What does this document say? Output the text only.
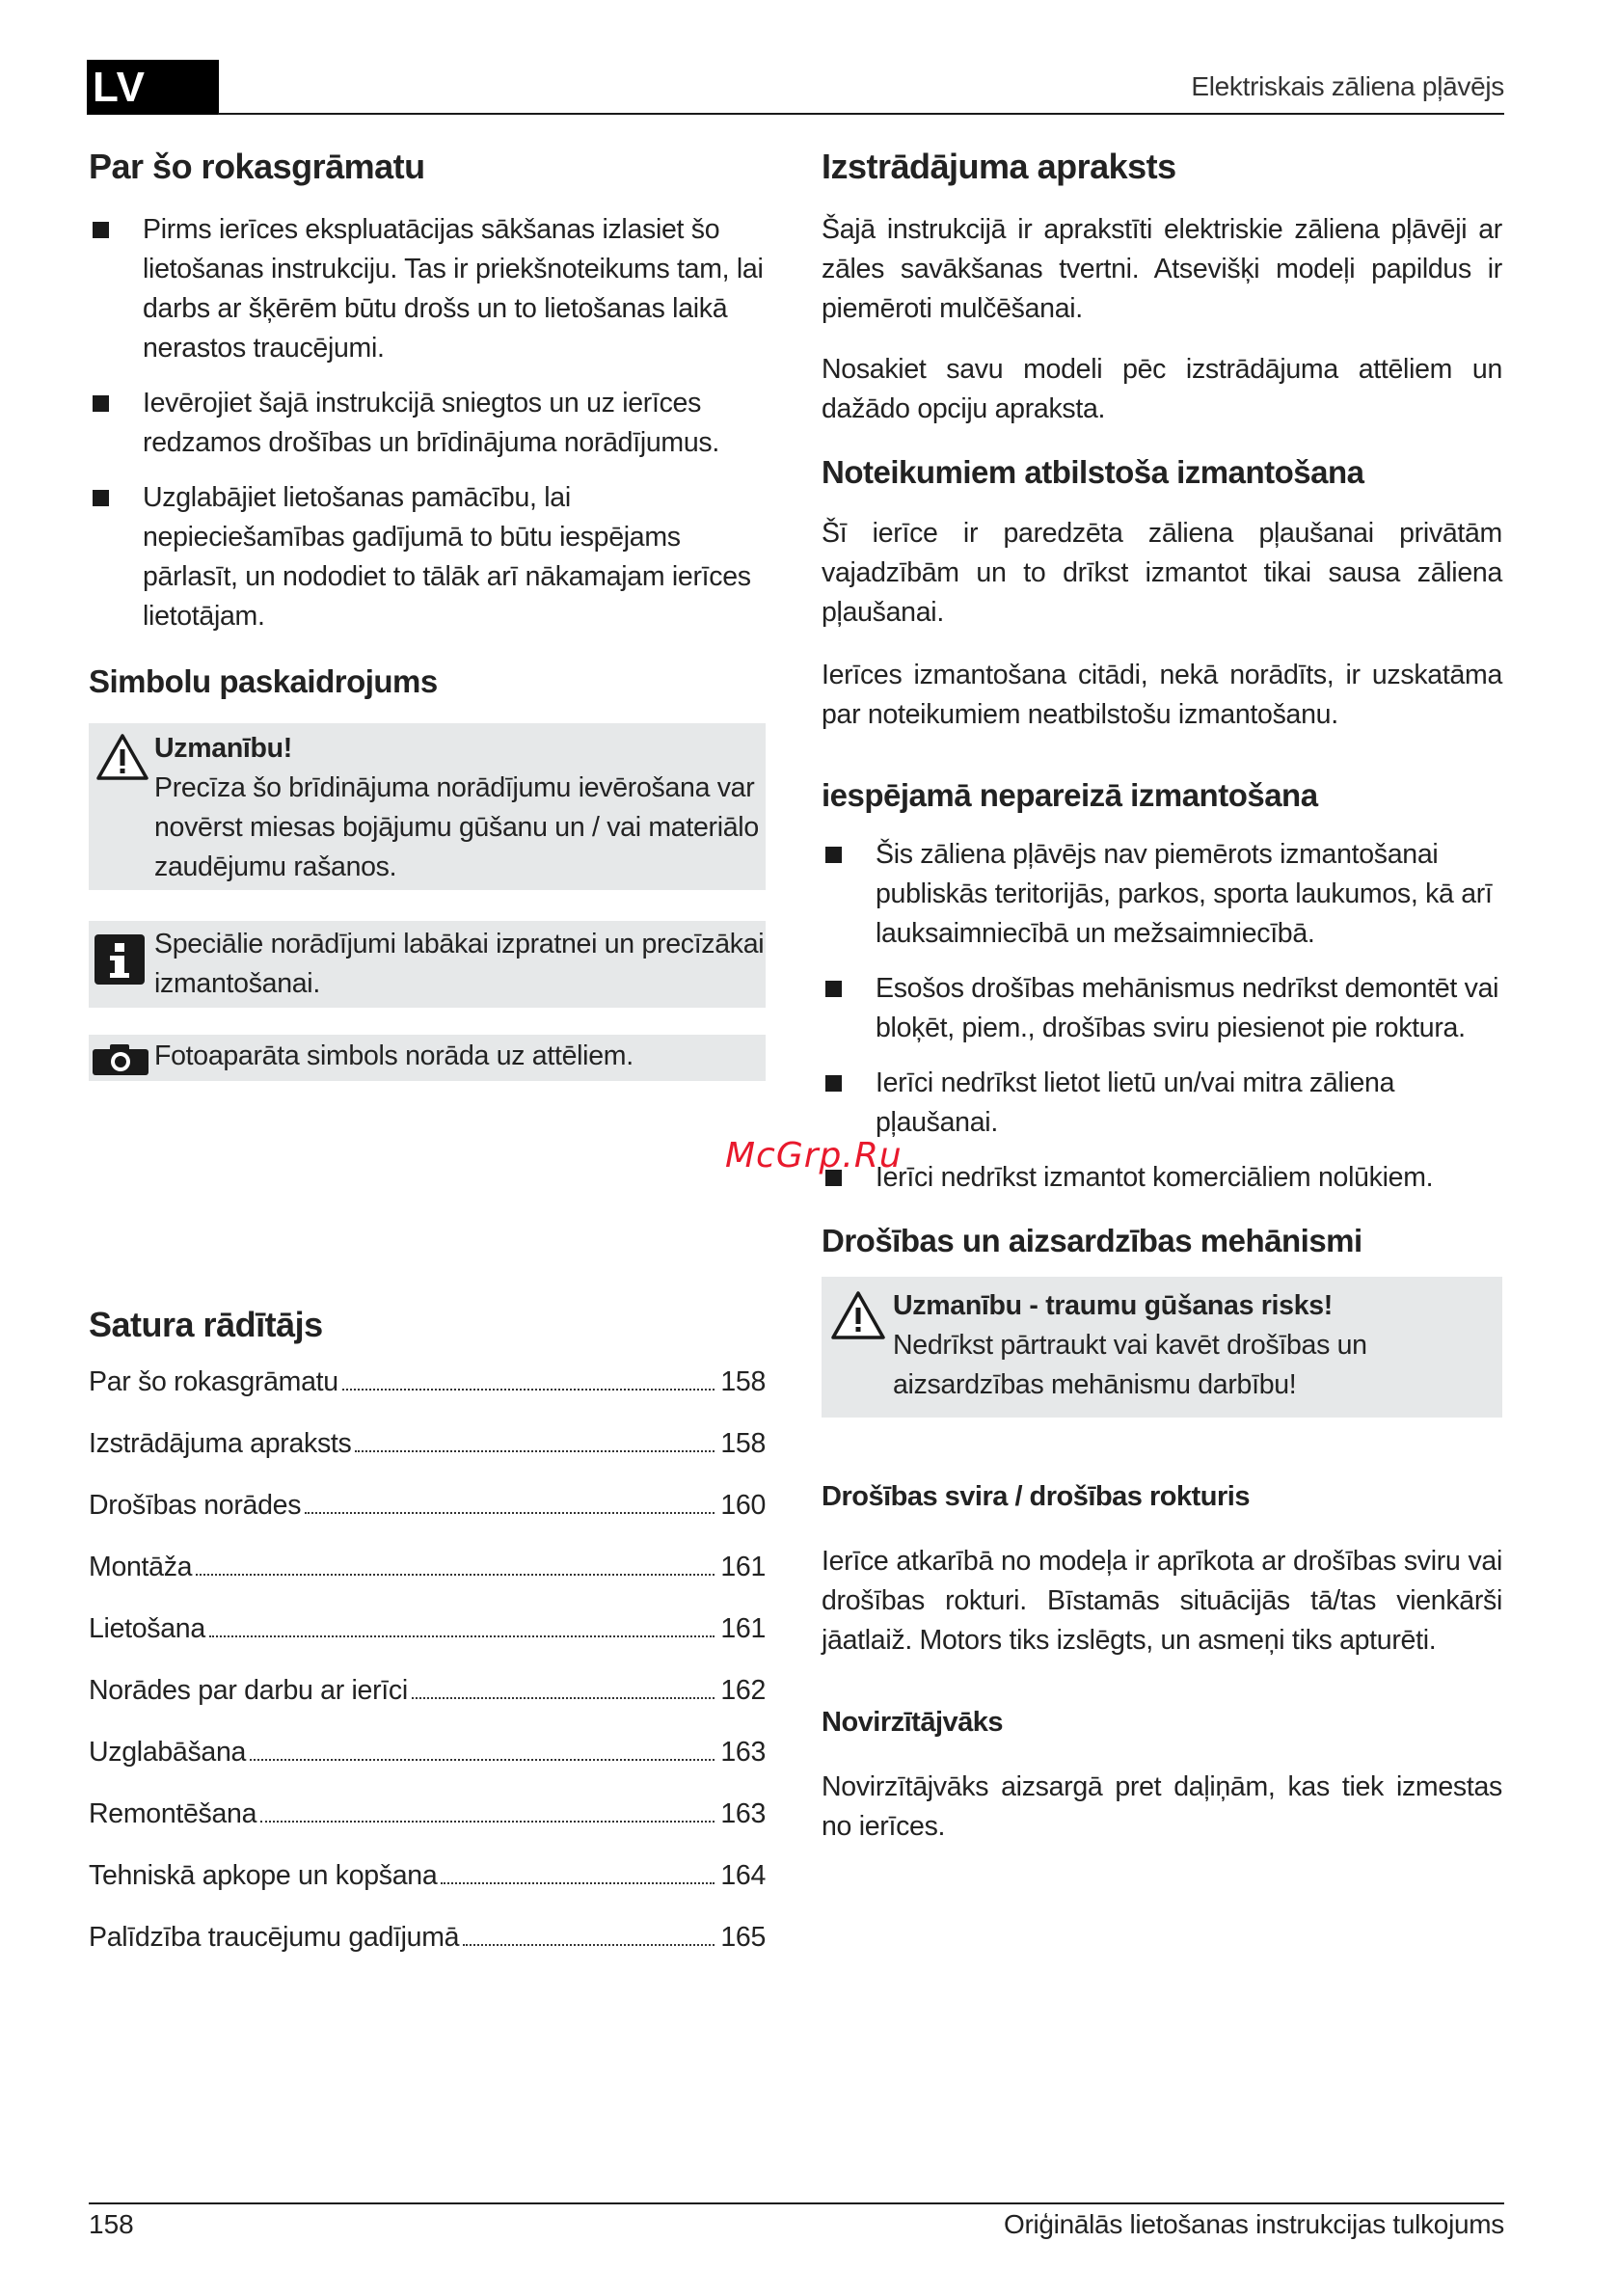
LV	Elektriskais zāliena pļāvējs
Par šo rokasgrāmatu
Pirms ierīces ekspluatācijas sākšanas izlasiet šo lietošanas instrukciju. Tas ir priekšnoteikums tam, lai darbs ar šķērēm būtu drošs un to lietošanas laikā nerastos traucējumi.
Ievērojiet šajā instrukcijā sniegtos un uz ierīces redzamos drošības un brīdinājuma norādījumus.
Uzglabājiet lietošanas pamācību, lai nepieciešamības gadījumā to būtu iespējams pārlasīt, un nododiet to tālāk arī nākamajam ierīces lietotājam.
Simbolu paskaidrojums

Uzmanību!

Precīza šo brīdinājuma norādījumu ievērošana var novērst miesas bojājumu gūšanu un / vai materiālo zaudējumu rašanos.

Speciālie norādījumi labākai izpratnei un precīzākai izmantošanai.

Fotoaparāta simbols norāda uz attēliem.

Satura rādītājs
Par šo rokasgrāmatu	158
Izstrādājuma apraksts	158
Drošības norādes	160
Montāža	161
Lietošana	161
Norādes par darbu ar ierīci	162
Uzglabāšana	163
Remontēšana	163
Tehniskā apkope un kopšana	164
Palīdzība traucējumu gadījumā	165
Izstrādājuma apraksts

Šajā instrukcijā ir aprakstīti elektriskie zāliena pļāvēji ar zāles savākšanas tvertni. Atsevišķi modeļi papildus ir piemēroti mulčēšanai.

Nosakiet savu modeli pēc izstrādājuma attēliem un dažādo opciju apraksta.

Noteikumiem atbilstoša izmantošana

Šī ierīce ir paredzēta zāliena pļaušanai privātām vajadzībām un to drīkst izmantot tikai sausa zāliena pļaušanai.

Ierīces izmantošana citādi, nekā norādīts, ir uzskatāma par noteikumiem neatbilstošu izmantošanu.

iespējamā nepareizā izmantošana
Šis zāliena pļāvējs nav piemērots izmantošanai publiskās teritorijās, parkos, sporta laukumos, kā arī lauksaimniecībā un mežsaimniecībā.
Esošos drošības mehānismus nedrīkst demontēt vai bloķēt, piem., drošības sviru piesienot pie roktura.
Ierīci nedrīkst lietot lietū un/vai mitra zāliena pļaušanai.
Ierīci nedrīkst izmantot komerciāliem nolūkiem.
Drošības un aizsardzības mehānismi

Uzmanību - traumu gūšanas risks!

Nedrīkst pārtraukt vai kavēt drošības un aizsardzības mehānismu darbību!

Drošības svira / drošības rokturis

Ierīce atkarībā no modeļa ir aprīkota ar drošības sviru vai drošības rokturi. Bīstamās situācijās tā/tas vienkārši jāatlaiž. Motors tiks izslēgts, un asmeņi tiks apturēti.

Novirzītājvāks

Novirzītājvāks aizsargā pret daļiņām, kas tiek izmestas no ierīces.

McGrp.Ru
158	Oriģinālās lietošanas instrukcijas tulkojums
